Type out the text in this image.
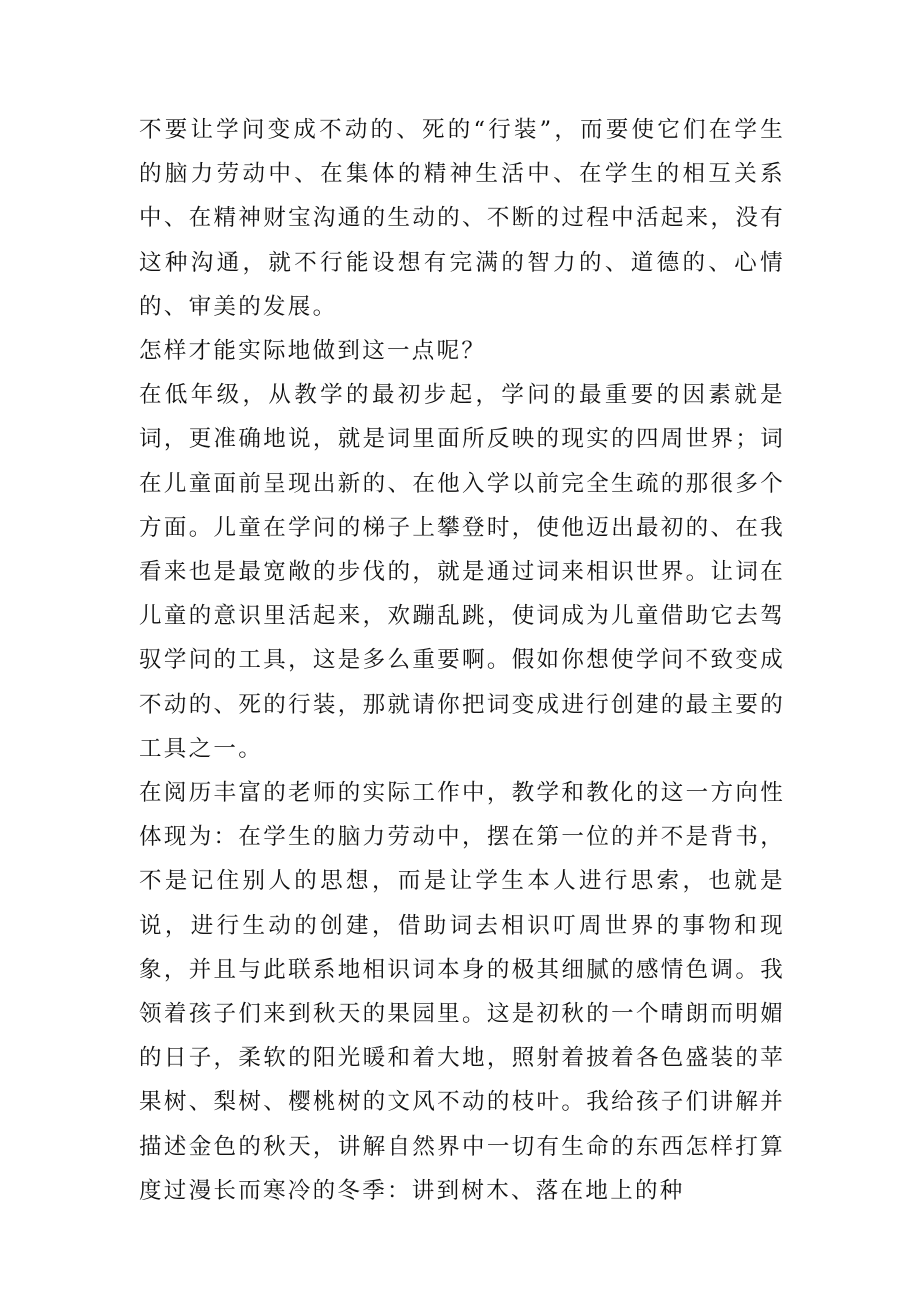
不要让学问变成不动的、死的“行装”，而要使它们在学生的脑力劳动中、在集体的精神生活中、在学生的相互关系中、在精神财宝沟通的生动的、不断的过程中活起来，没有这种沟通，就不行能设想有完满的智力的、道德的、心情的、审美的发展。

怎样才能实际地做到这一点呢？

在低年级，从教学的最初步起，学问的最重要的因素就是词，更准确地说，就是词里面所反映的现实的四周世界；词在儿童面前呈现出新的、在他入学以前完全生疏的那很多个方面。儿童在学问的梯子上攀登时，使他迈出最初的、在我看来也是最宽敞的步伐的，就是通过词来相识世界。让词在儿童的意识里活起来，欢蹦乱跳，使词成为儿童借助它去驾驭学问的工具，这是多么重要啊。假如你想使学问不致变成不动的、死的行装，那就请你把词变成进行创建的最主要的工具之一。

在阅历丰富的老师的实际工作中，教学和教化的这一方向性体现为：在学生的脑力劳动中，摆在第一位的并不是背书，不是记住别人的思想，而是让学生本人进行思索，也就是说，进行生动的创建，借助词去相识叮周世界的事物和现象，并且与此联系地相识词本身的极其细腻的感情色调。我领着孩子们来到秋天的果园里。这是初秋的一个晴朗而明媚的日子，柔软的阳光暖和着大地，照射着披着各色盛装的苹果树、梨树、樱桃树的文风不动的枝叶。我给孩子们讲解并描述金色的秋天，讲解自然界中一切有生命的东西怎样打算度过漫长而寒冷的冬季：讲到树木、落在地上的种
